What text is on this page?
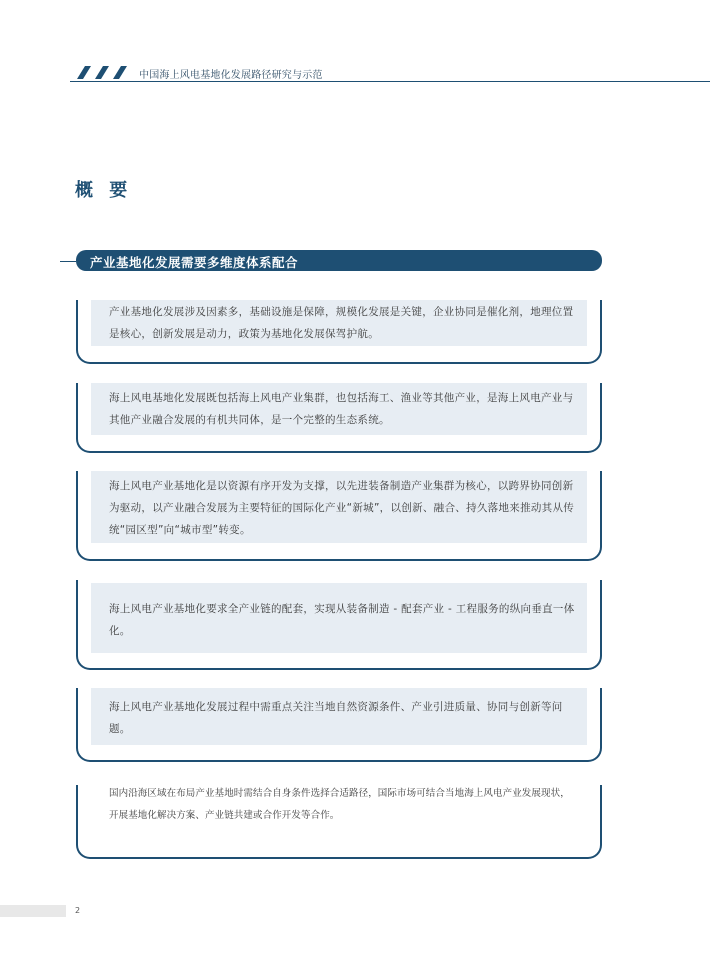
中国海上风电基地化发展路径研究与示范
概 要
产业基地化发展需要多维度体系配合
产业基地化发展涉及因素多，基础设施是保障，规模化发展是关键，企业协同是催化剂，地理位置是核心，创新发展是动力，政策为基地化发展保驾护航。
海上风电基地化发展既包括海上风电产业集群，也包括海工、渔业等其他产业，是海上风电产业与其他产业融合发展的有机共同体，是一个完整的生态系统。
海上风电产业基地化是以资源有序开发为支撑，以先进装备制造产业集群为核心，以跨界协同创新为驱动，以产业融合发展为主要特征的国际化产业“新城”，以创新、融合、持久落地来推动其从传统“园区型”向“城市型”转变。
海上风电产业基地化要求全产业链的配套，实现从装备制造 - 配套产业 - 工程服务的纵向垂直一体化。
海上风电产业基地化发展过程中需重点关注当地自然资源条件、产业引进质量、协同与创新等问题。
国内沿海区域在布局产业基地时需结合自身条件选择合适路径，国际市场可结合当地海上风电产业发展现状，开展基地化解决方案、产业链共建或合作开发等合作。
2
